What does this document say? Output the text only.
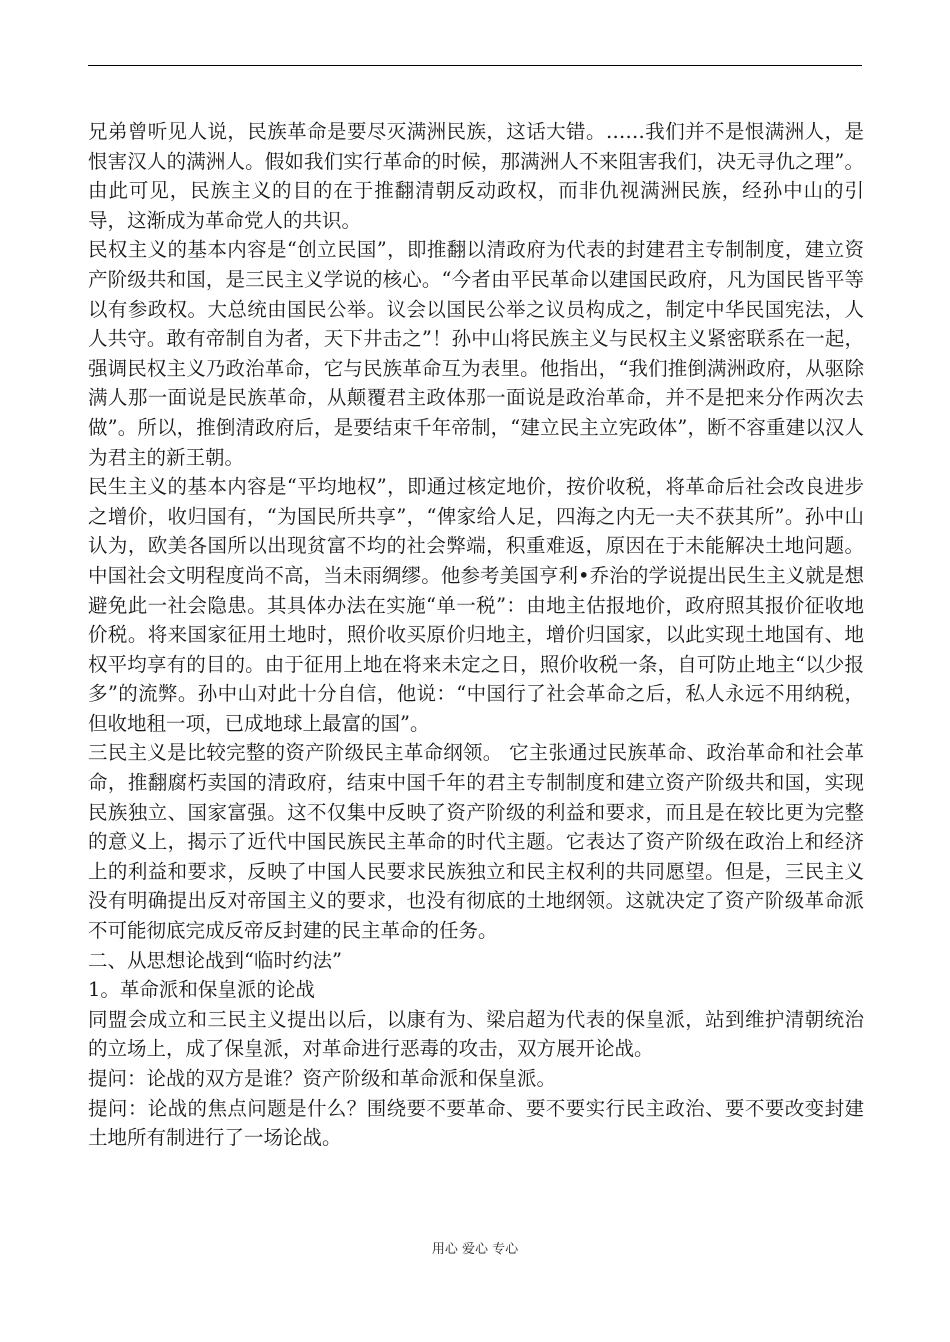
兄弟曾听见人说，民族革命是要尽灭满洲民族，这话大错。……我们并不是恨满洲人，是恨害汉人的满洲人。假如我们实行革命的时候，那满洲人不来阻害我们，决无寻仇之理”。由此可见，民族主义的目的在于推翻清朝反动政权，而非仇视满洲民族，经孙中山的引导，这渐成为革命党人的共识。

民权主义的基本内容是“创立民国”，即推翻以清政府为代表的封建君主专制制度，建立资产阶级共和国，是三民主义学说的核心。“今者由平民革命以建国民政府，凡为国民皆平等以有参政权。大总统由国民公举。议会以国民公举之议员构成之，制定中华民国宪法，人人共守。敢有帝制自为者，天下井击之”！孙中山将民族主义与民权主义紧密联系在一起，强调民权主义乃政治革命，它与民族革命互为表里。他指出，“我们推倒满洲政府，从驱除满人那一面说是民族革命，从颠覆君主政体那一面说是政治革命，并不是把来分作两次去做”。所以，推倒清政府后，是要结束千年帝制，“建立民主立宪政体”，断不容重建以汉人为君主的新王朝。

民生主义的基本内容是“平均地权”，即通过核定地价，按价收税，将革命后社会改良进步之增价，收归国有，“为国民所共享”，“俾家给人足，四海之内无一夫不获其所”。孙中山认为，欧美各国所以出现贫富不均的社会弊端，积重难返，原因在于未能解决土地问题。中国社会文明程度尚不高，当未雨绸缪。他参考美国亨利•乔治的学说提出民生主义就是想避免此一社会隐患。其具体办法在实施“单一税”：由地主估报地价，政府照其报价征收地价税。将来国家征用土地时，照价收买原价归地主，增价归国家，以此实现土地国有、地权平均享有的目的。由于征用上地在将来未定之日，照价收税一条，自可防止地主“以少报多”的流弊。孙中山对此十分自信，他说：“中国行了社会革命之后，私人永远不用纳税，但收地租一项，已成地球上最富的国”。

三民主义是比较完整的资产阶级民主革命纲领。 它主张通过民族革命、政治革命和社会革命，推翻腐朽卖国的清政府，结束中国千年的君主专制制度和建立资产阶级共和国，实现民族独立、国家富强。这不仅集中反映了资产阶级的利益和要求，而且是在较比更为完整的意义上，揭示了近代中国民族民主革命的时代主题。它表达了资产阶级在政治上和经济上的利益和要求，反映了中国人民要求民族独立和民主权利的共同愿望。但是，三民主义没有明确提出反对帝国主义的要求，也没有彻底的土地纲领。这就决定了资产阶级革命派不可能彻底完成反帝反封建的民主革命的任务。

二、从思想论战到“临时约法”

1。革命派和保皇派的论战

同盟会成立和三民主义提出以后，以康有为、梁启超为代表的保皇派，站到维护清朝统治的立场上，成了保皇派，对革命进行恶毒的攻击，双方展开论战。

提问：论战的双方是谁？资产阶级和革命派和保皇派。

提问：论战的焦点问题是什么？围绕要不要革命、要不要实行民主政治、要不要改变封建土地所有制进行了一场论战。

用心 爱心 专心
